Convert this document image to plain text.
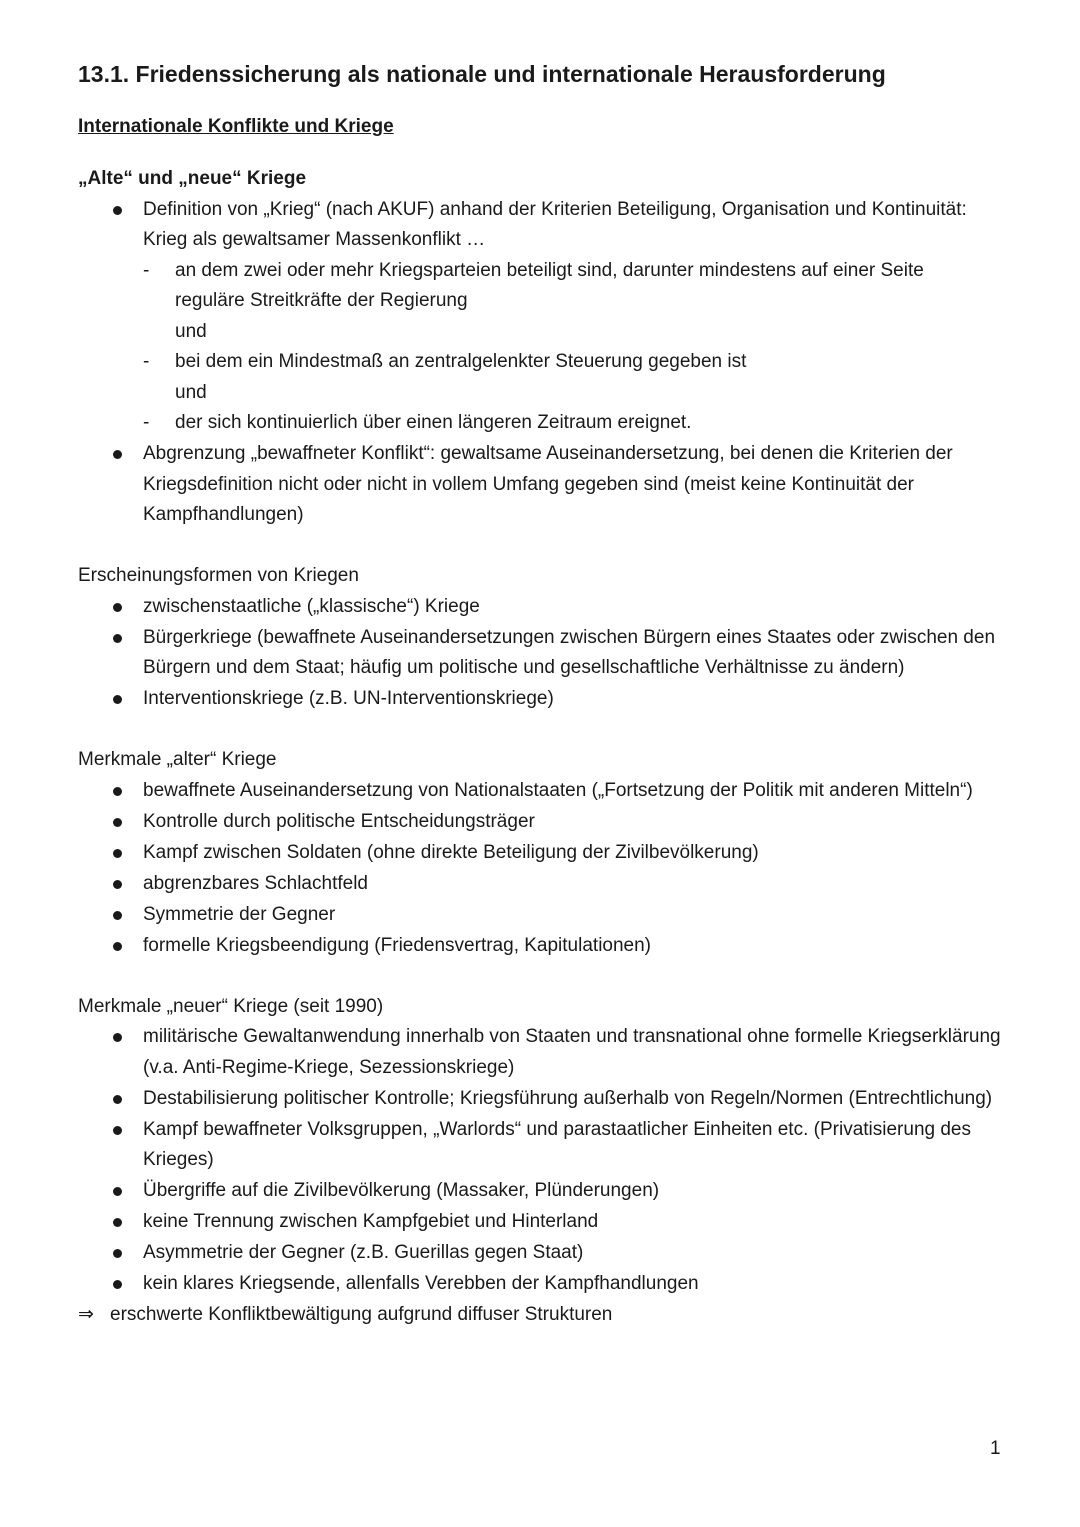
13.1. Friedenssicherung als nationale und internationale Herausforderung
Internationale Konflikte und Kriege
„Alte“ und „neue“ Kriege
Definition von „Krieg“ (nach AKUF) anhand der Kriterien Beteiligung, Organisation und Kontinuität:
Krieg als gewaltsamer Massenkonflikt …
- an dem zwei oder mehr Kriegsparteien beteiligt sind, darunter mindestens auf einer Seite
reguläre Streitkräfte der Regierung
und
- bei dem ein Mindestmaß an zentralgelenkter Steuerung gegeben ist
und
- der sich kontinuierlich über einen längeren Zeitraum ereignet.
Abgrenzung „bewaffneter Konflikt“: gewaltsame Auseinandersetzung, bei denen die Kriterien der
Kriegsdefinition nicht oder nicht in vollem Umfang gegeben sind (meist keine Kontinuität der
Kampfhandlungen)
Erscheinungsformen von Kriegen
zwischenstaatliche („klassische“) Kriege
Bürgerkriege (bewaffnete Auseinandersetzungen zwischen Bürgern eines Staates oder zwischen den Bürgern und dem Staat; häufig um politische und gesellschaftliche Verhältnisse zu ändern)
Interventionskriege (z.B. UN-Interventionskriege)
Merkmale „alter“ Kriege
bewaffnete Auseinandersetzung von Nationalstaaten („Fortsetzung der Politik mit anderen Mitteln“)
Kontrolle durch politische Entscheidungsträger
Kampf zwischen Soldaten (ohne direkte Beteiligung der Zivilbevölkerung)
abgrenzbares Schlachtfeld
Symmetrie der Gegner
formelle Kriegsbeendigung (Friedensvertrag, Kapitulationen)
Merkmale „neuer“ Kriege (seit 1990)
militärische Gewaltanwendung innerhalb von Staaten und transnational ohne formelle Kriegserklärung (v.a. Anti-Regime-Kriege, Sezessionskriege)
Destabilisierung politischer Kontrolle; Kriegsführung außerhalb von Regeln/Normen (Entrechtlichung)
Kampf bewaffneter Volksgruppen, „Warlords“ und parastaatlicher Einheiten etc. (Privatisierung des Krieges)
Übergriffe auf die Zivilbevölkerung (Massaker, Plünderungen)
keine Trennung zwischen Kampfgebiet und Hinterland
Asymmetrie der Gegner (z.B. Guerillas gegen Staat)
kein klares Kriegsende, allenfalls Verebben der Kampfhandlungen
⇒ erschwerte Konfliktbewältigung aufgrund diffuser Strukturen
1
